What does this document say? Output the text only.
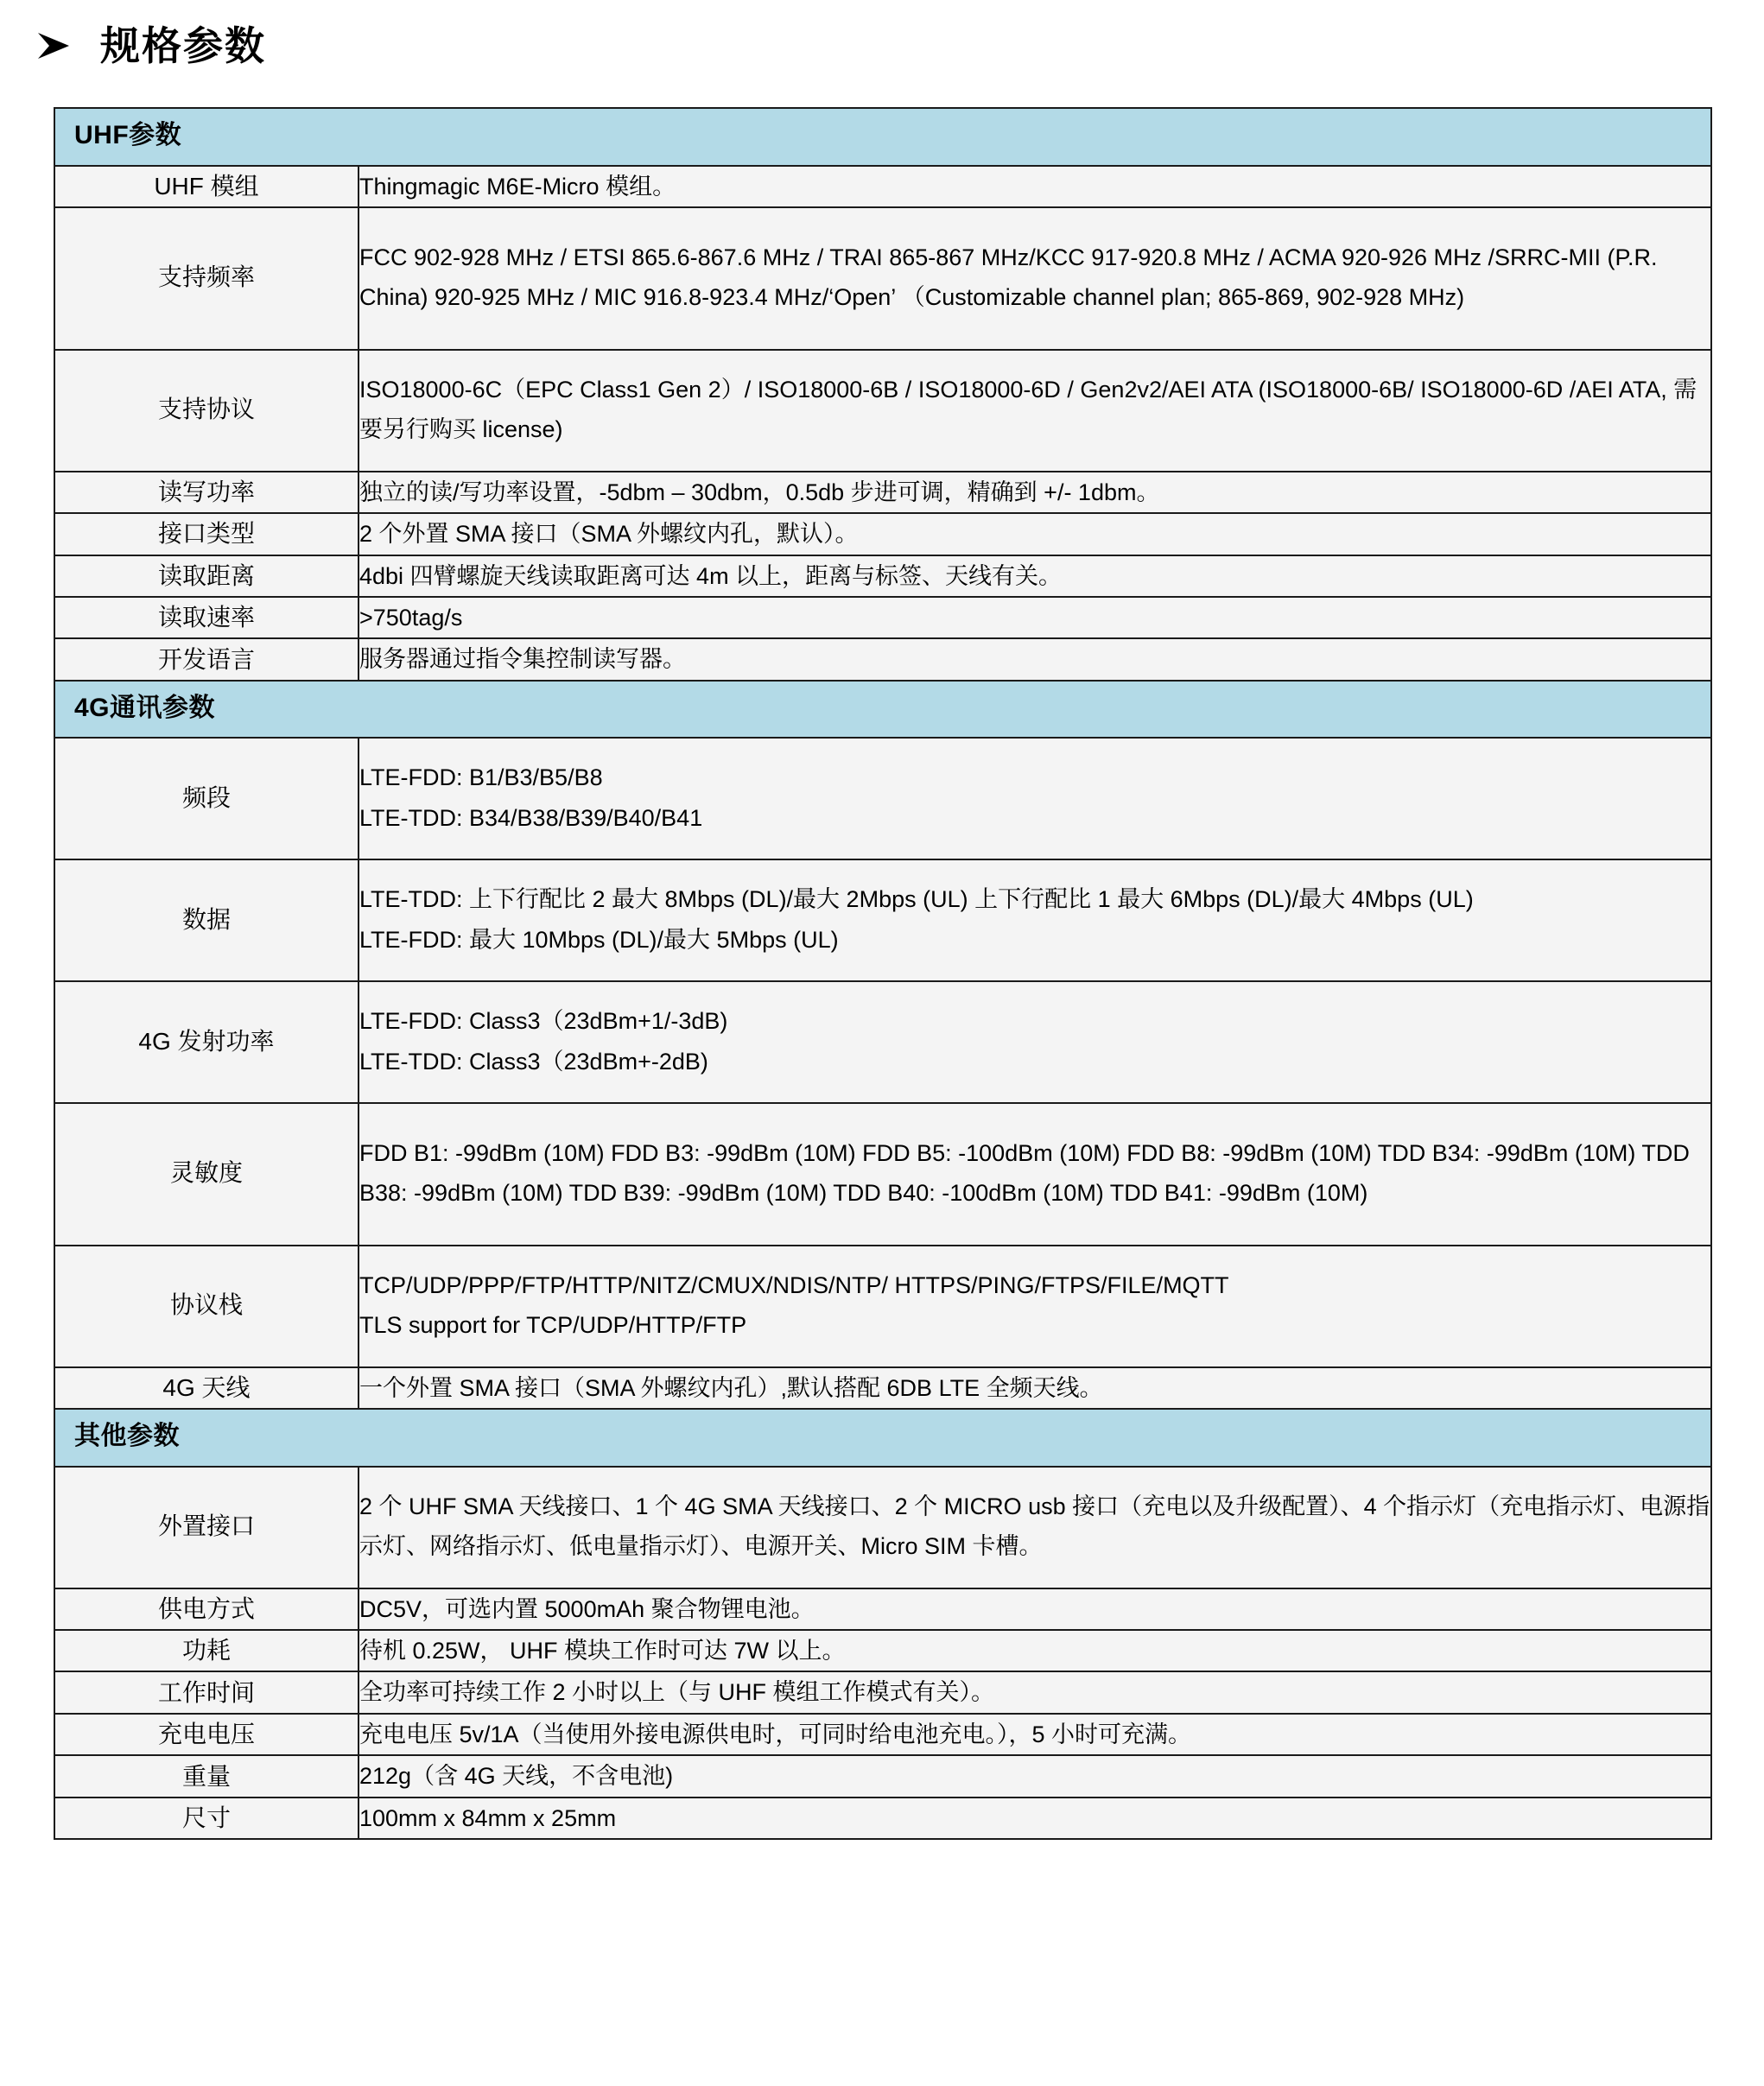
规格参数
UHF参数	

UHF 模组	Thingmagic M6E-Micro 模组。

支持频率	FCC 902-928 MHz / ETSI 865.6-867.6 MHz / TRAI 865-867 MHz/KCC 917-920.8 MHz / ACMA 920-926 MHz /SRRC-MII (P.R. China) 920-925 MHz / MIC 916.8-923.4 MHz/‘Open’ （Customizable channel plan; 865-869, 902-928 MHz)

支持协议	ISO18000-6C（EPC Class1 Gen 2）/ ISO18000-6B / ISO18000-6D / Gen2v2/AEI ATA (ISO18000-6B/ ISO18000-6D /AEI ATA, 需要另行购买 license)

读写功率	独立的读/写功率设置，-5dbm – 30dbm，0.5db 步进可调，精确到 +/- 1dbm。

接口类型	2 个外置 SMA 接口（SMA 外螺纹内孔，默认）。

读取距离	4dbi 四臂螺旋天线读取距离可达 4m 以上，距离与标签、天线有关。

读取速率	>750tag/s

开发语言	服务器通过指令集控制读写器。

4G通讯参数	

频段	LTE-FDD: B1/B3/B5/B8
LTE-TDD: B34/B38/B39/B40/B41

数据	LTE-TDD: 上下行配比 2 最大 8Mbps (DL)/最大 2Mbps (UL) 上下行配比 1 最大 6Mbps (DL)/最大 4Mbps (UL)
LTE-FDD: 最大 10Mbps (DL)/最大 5Mbps (UL)

4G 发射功率	LTE-FDD: Class3（23dBm+1/-3dB)
LTE-TDD: Class3（23dBm+-2dB)

灵敏度	FDD B1: -99dBm (10M) FDD B3: -99dBm (10M) FDD B5: -100dBm (10M) FDD B8: -99dBm (10M) TDD B34: -99dBm (10M) TDD B38: -99dBm (10M) TDD B39: -99dBm (10M) TDD B40: -100dBm (10M) TDD B41: -99dBm (10M)

协议栈	TCP/UDP/PPP/FTP/HTTP/NITZ/CMUX/NDIS/NTP/ HTTPS/PING/FTPS/FILE/MQTT
TLS support for TCP/UDP/HTTP/FTP

4G 天线	一个外置 SMA 接口（SMA 外螺纹内孔）,默认搭配 6DB LTE 全频天线。

其他参数	

外置接口	2 个 UHF SMA 天线接口、1 个 4G SMA 天线接口、2 个 MICRO usb 接口（充电以及升级配置）、4 个指示灯（充电指示灯、电源指示灯、网络指示灯、低电量指示灯）、电源开关、Micro SIM 卡槽。

供电方式	DC5V，可选内置 5000mAh 聚合物锂电池。

功耗	待机 0.25W， UHF 模块工作时可达 7W 以上。

工作时间	全功率可持续工作 2 小时以上（与 UHF 模组工作模式有关）。

充电电压	充电电压 5v/1A（当使用外接电源供电时，可同时给电池充电。），5 小时可充满。

重量	212g（含 4G 天线，不含电池)

尺寸	100mm x 84mm x 25mm
